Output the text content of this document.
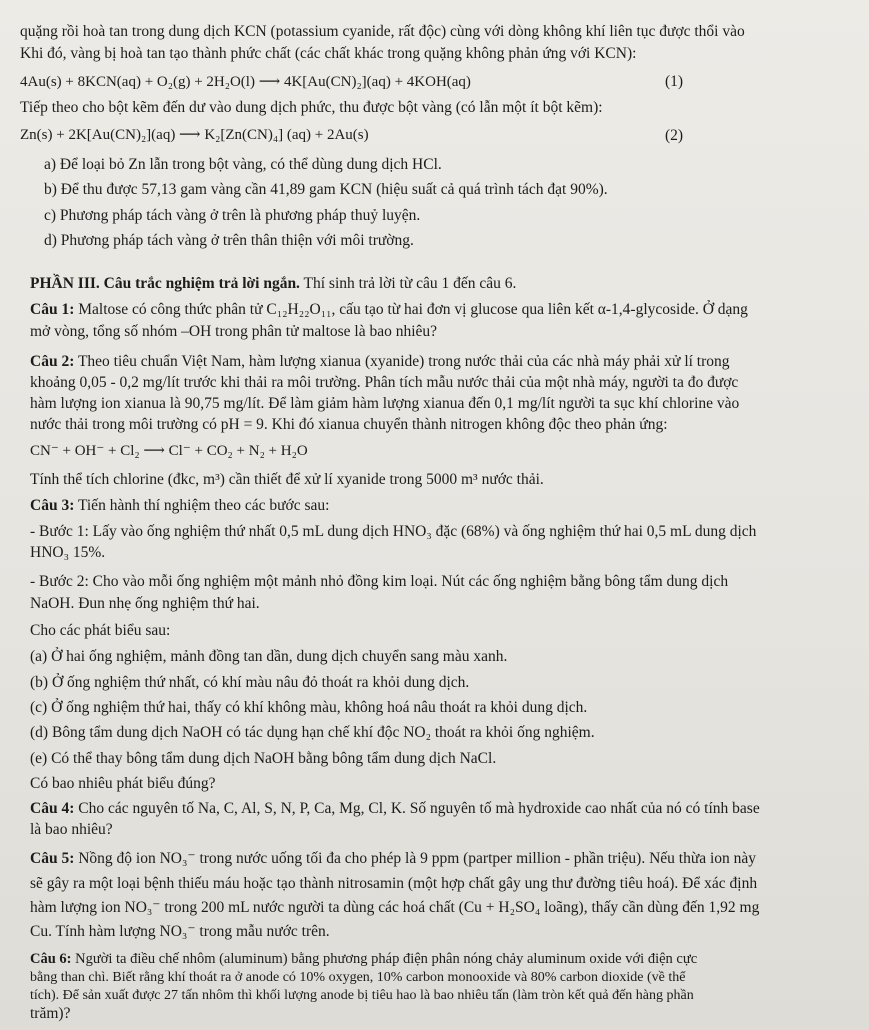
quặng rồi hoà tan trong dung dịch KCN (potassium cyanide, rất độc) cùng với dòng không khí liên tục được thổi vào
Khi đó, vàng bị hoà tan tạo thành phức chất (các chất khác trong quặng không phản ứng với KCN):
4Au(s) + 8KCN(aq) + O₂(g) + 2H₂O(l) ⟶ 4K[Au(CN)₂](aq) + 4KOH(aq)	(1)
Tiếp theo cho bột kẽm đến dư vào dung dịch phức, thu được bột vàng (có lẫn một ít bột kẽm):
Zn(s) + 2K[Au(CN)₂](aq) ⟶ K₂[Zn(CN)₄] (aq) + 2Au(s)	(2)
a) Để loại bỏ Zn lẫn trong bột vàng, có thể dùng dung dịch HCl.
b) Để thu được 57,13 gam vàng cần 41,89 gam KCN (hiệu suất cả quá trình tách đạt 90%).
c) Phương pháp tách vàng ở trên là phương pháp thuỷ luyện.
d) Phương pháp tách vàng ở trên thân thiện với môi trường.
PHẦN III. Câu trắc nghiệm trả lời ngắn. Thí sinh trả lời từ câu 1 đến câu 6.
Câu 1: Maltose có công thức phân tử C₁₂H₂₂O₁₁, cấu tạo từ hai đơn vị glucose qua liên kết α-1,4-glycoside. Ở dạng
mở vòng, tổng số nhóm –OH trong phân tử maltose là bao nhiêu?
Câu 2: Theo tiêu chuẩn Việt Nam, hàm lượng xianua (xyanide) trong nước thải của các nhà máy phải xử lí trong
khoảng 0,05 - 0,2 mg/lít trước khi thải ra môi trường. Phân tích mẫu nước thải của một nhà máy, người ta đo được
hàm lượng ion xianua là 90,75 mg/lít. Để làm giảm hàm lượng xianua đến 0,1 mg/lít người ta sục khí chlorine vào
nước thải trong môi trường có pH = 9. Khi đó xianua chuyển thành nitrogen không độc theo phản ứng:
CN⁻ + OH⁻ + Cl₂ ⟶ Cl⁻ + CO₂ + N₂ + H₂O
Tính thể tích chlorine (đkc, m³) cần thiết để xử lí xyanide trong 5000 m³ nước thải.
Câu 3: Tiến hành thí nghiệm theo các bước sau:
- Bước 1: Lấy vào ống nghiệm thứ nhất 0,5 mL dung dịch HNO₃ đặc (68%) và ống nghiệm thứ hai 0,5 mL dung dịch
HNO₃ 15%.
- Bước 2: Cho vào mỗi ống nghiệm một mảnh nhỏ đồng kim loại. Nút các ống nghiệm bằng bông tẩm dung dịch
NaOH. Đun nhẹ ống nghiệm thứ hai.
Cho các phát biểu sau:
(a) Ở hai ống nghiệm, mảnh đồng tan dần, dung dịch chuyển sang màu xanh.
(b) Ở ống nghiệm thứ nhất, có khí màu nâu đỏ thoát ra khỏi dung dịch.
(c) Ở ống nghiệm thứ hai, thấy có khí không màu, không hoá nâu thoát ra khỏi dung dịch.
(d) Bông tẩm dung dịch NaOH có tác dụng hạn chế khí độc NO₂ thoát ra khỏi ống nghiệm.
(e) Có thể thay bông tẩm dung dịch NaOH bằng bông tẩm dung dịch NaCl.
Có bao nhiêu phát biểu đúng?
Câu 4: Cho các nguyên tố Na, C, Al, S, N, P, Ca, Mg, Cl, K. Số nguyên tố mà hydroxide cao nhất của nó có tính base
là bao nhiêu?
Câu 5: Nồng độ ion NO₃⁻ trong nước uống tối đa cho phép là 9 ppm (partper million - phần triệu). Nếu thừa ion này
sẽ gây ra một loại bệnh thiếu máu hoặc tạo thành nitrosamin (một hợp chất gây ung thư đường tiêu hoá). Để xác định
hàm lượng ion NO₃⁻ trong 200 mL nước người ta dùng các hoá chất (Cu + H₂SO₄ loãng), thấy cần dùng đến 1,92 mg
Cu. Tính hàm lượng NO₃⁻ trong mẫu nước trên.
Câu 6: Người ta điều chế nhôm (aluminum) bằng phương pháp điện phân nóng chảy aluminum oxide với điện cực
bằng than chì. Biết rằng khí thoát ra ở anode có 10% oxygen, 10% carbon monooxide và 80% carbon dioxide (về thể
tích). Để sản xuất được 27 tấn nhôm thì khối lượng anode bị tiêu hao là bao nhiêu tấn (làm tròn kết quả đến hàng phần
trăm)?
